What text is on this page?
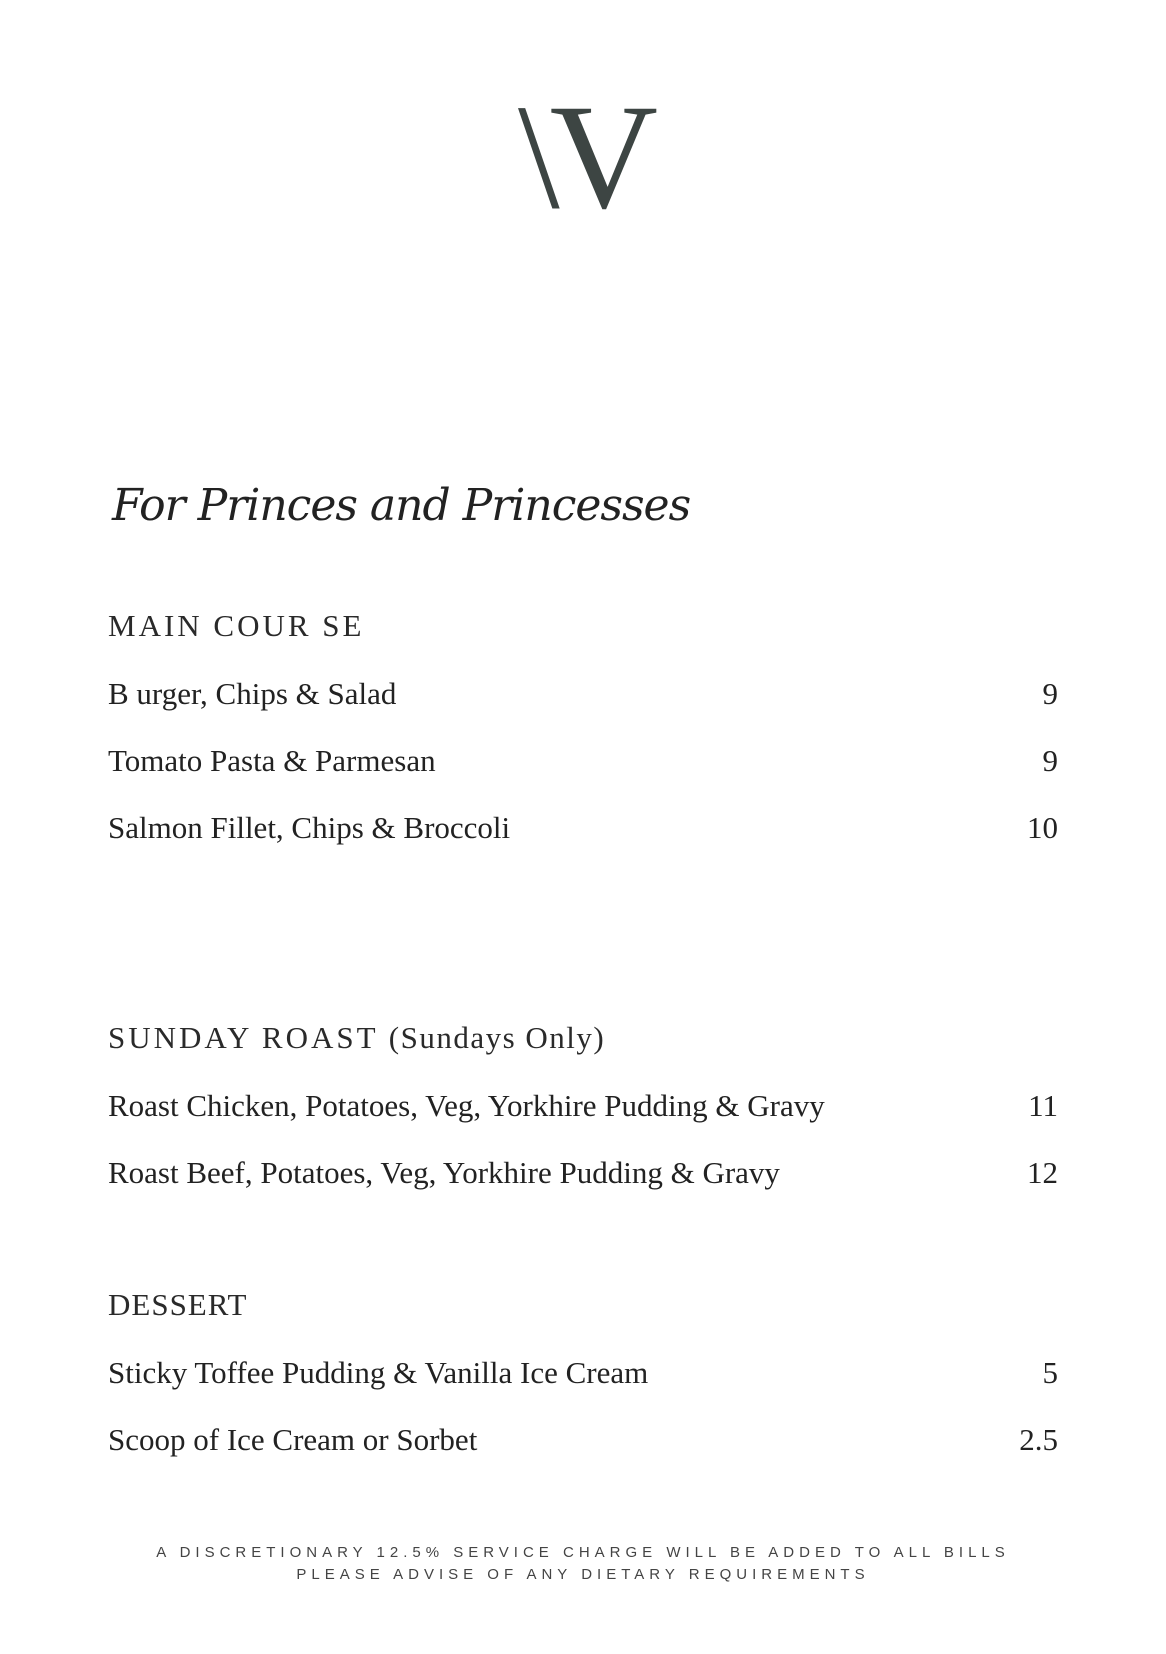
\V
For Princes and Princesses
MAIN COUR SE
B urger, Chips & Salad	9
Tomato Pasta & Parmesan	9
Salmon Fillet, Chips & Broccoli	10
SUNDAY ROAST (Sundays Only)
Roast Chicken, Potatoes, Veg, Yorkhire Pudding & Gravy	11
Roast Beef, Potatoes, Veg, Yorkhire Pudding & Gravy	12
DESSERT
Sticky Toffee Pudding & Vanilla Ice Cream	5
Scoop of Ice Cream or Sorbet	2.5
A DISCRETIONARY 12.5% SERVICE CHARGE WILL BE ADDED TO ALL BILLS
PLEASE ADVISE OF ANY DIETARY REQUIREMENTS
